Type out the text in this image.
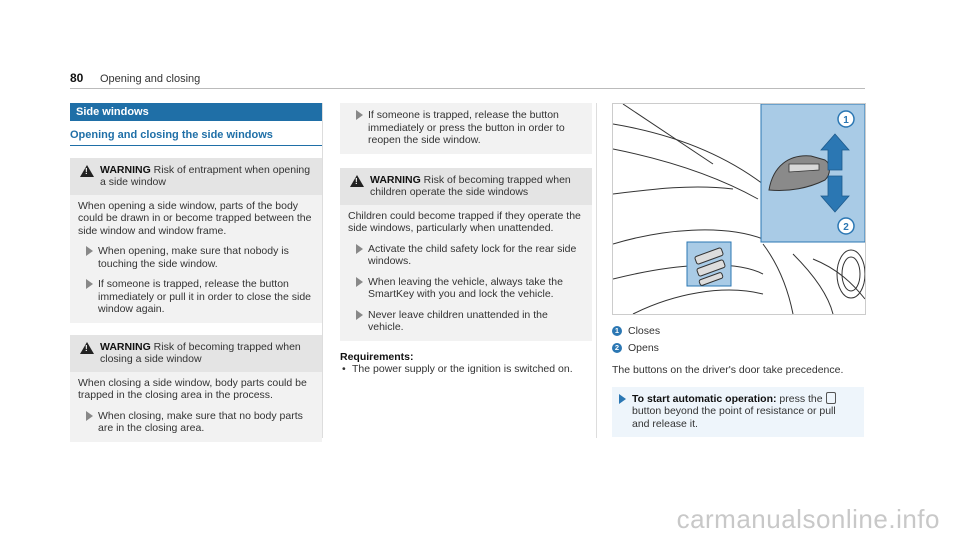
80 Opening and closing
Side windows
Opening and closing the side windows
!
WARNING Risk of entrapment when opening a side window
When opening a side window, parts of the body could be drawn in or become trapped between the side window and window frame.
When opening, make sure that nobody is touching the side window.
If someone is trapped, release the button immediately or pull it in order to close the side window again.
!
WARNING Risk of becoming trapped when closing a side window
When closing a side window, body parts could be trapped in the closing area in the process.
When closing, make sure that no body parts are in the closing area.
If someone is trapped, release the button immediately or press the button in order to reopen the side window.
!
WARNING Risk of becoming trapped when children operate the side windows
Children could become trapped if they operate the side windows, particularly when unattended.
Activate the child safety lock for the rear side windows.
When leaving the vehicle, always take the SmartKey with you and lock the vehicle.
Never leave children unattended in the vehicle.
Requirements:
• The power supply or the ignition is switched on.
1
2
1 Closes
2 Opens
The buttons on the driver's door take precedence.
To start automatic operation: press the  button beyond the point of resistance or pull and release it.
carmanualsonline.info
